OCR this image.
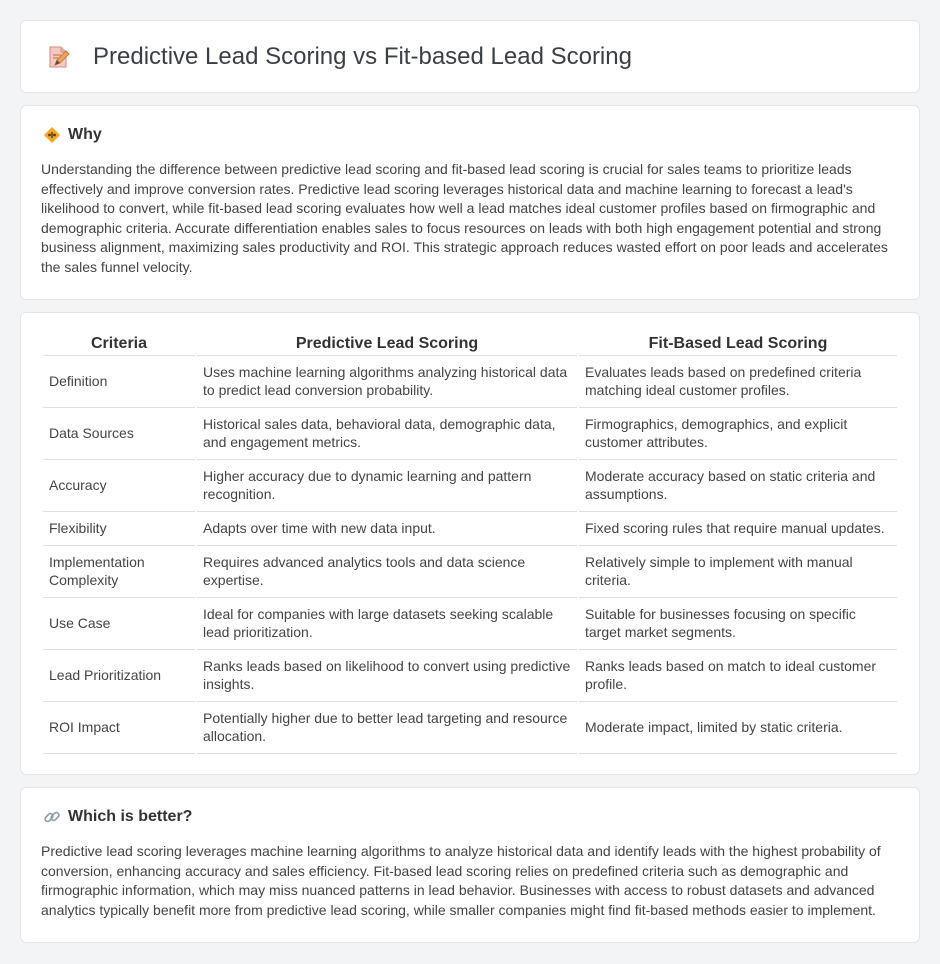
Predictive Lead Scoring vs Fit-based Lead Scoring
Why

Understanding the difference between predictive lead scoring and fit-based lead scoring is crucial for sales teams to prioritize leads effectively and improve conversion rates. Predictive lead scoring leverages historical data and machine learning to forecast a lead's likelihood to convert, while fit-based lead scoring evaluates how well a lead matches ideal customer profiles based on firmographic and demographic criteria. Accurate differentiation enables sales to focus resources on leads with both high engagement potential and strong business alignment, maximizing sales productivity and ROI. This strategic approach reduces wasted effort on poor leads and accelerates the sales funnel velocity.

Criteria	Predictive Lead Scoring	Fit-Based Lead Scoring
Definition	Uses machine learning algorithms analyzing historical data to predict lead conversion probability.	Evaluates leads based on predefined criteria matching ideal customer profiles.
Data Sources	Historical sales data, behavioral data, demographic data, and engagement metrics.	Firmographics, demographics, and explicit customer attributes.
Accuracy	Higher accuracy due to dynamic learning and pattern recognition.	Moderate accuracy based on static criteria and assumptions.
Flexibility	Adapts over time with new data input.	Fixed scoring rules that require manual updates.
Implementation Complexity	Requires advanced analytics tools and data science expertise.	Relatively simple to implement with manual criteria.
Use Case	Ideal for companies with large datasets seeking scalable lead prioritization.	Suitable for businesses focusing on specific target market segments.
Lead Prioritization	Ranks leads based on likelihood to convert using predictive insights.	Ranks leads based on match to ideal customer profile.
ROI Impact	Potentially higher due to better lead targeting and resource allocation.	Moderate impact, limited by static criteria.
Which is better?

Predictive lead scoring leverages machine learning algorithms to analyze historical data and identify leads with the highest probability of conversion, enhancing accuracy and sales efficiency. Fit-based lead scoring relies on predefined criteria such as demographic and firmographic information, which may miss nuanced patterns in lead behavior. Businesses with access to robust datasets and advanced analytics typically benefit more from predictive lead scoring, while smaller companies might find fit-based methods easier to implement.
